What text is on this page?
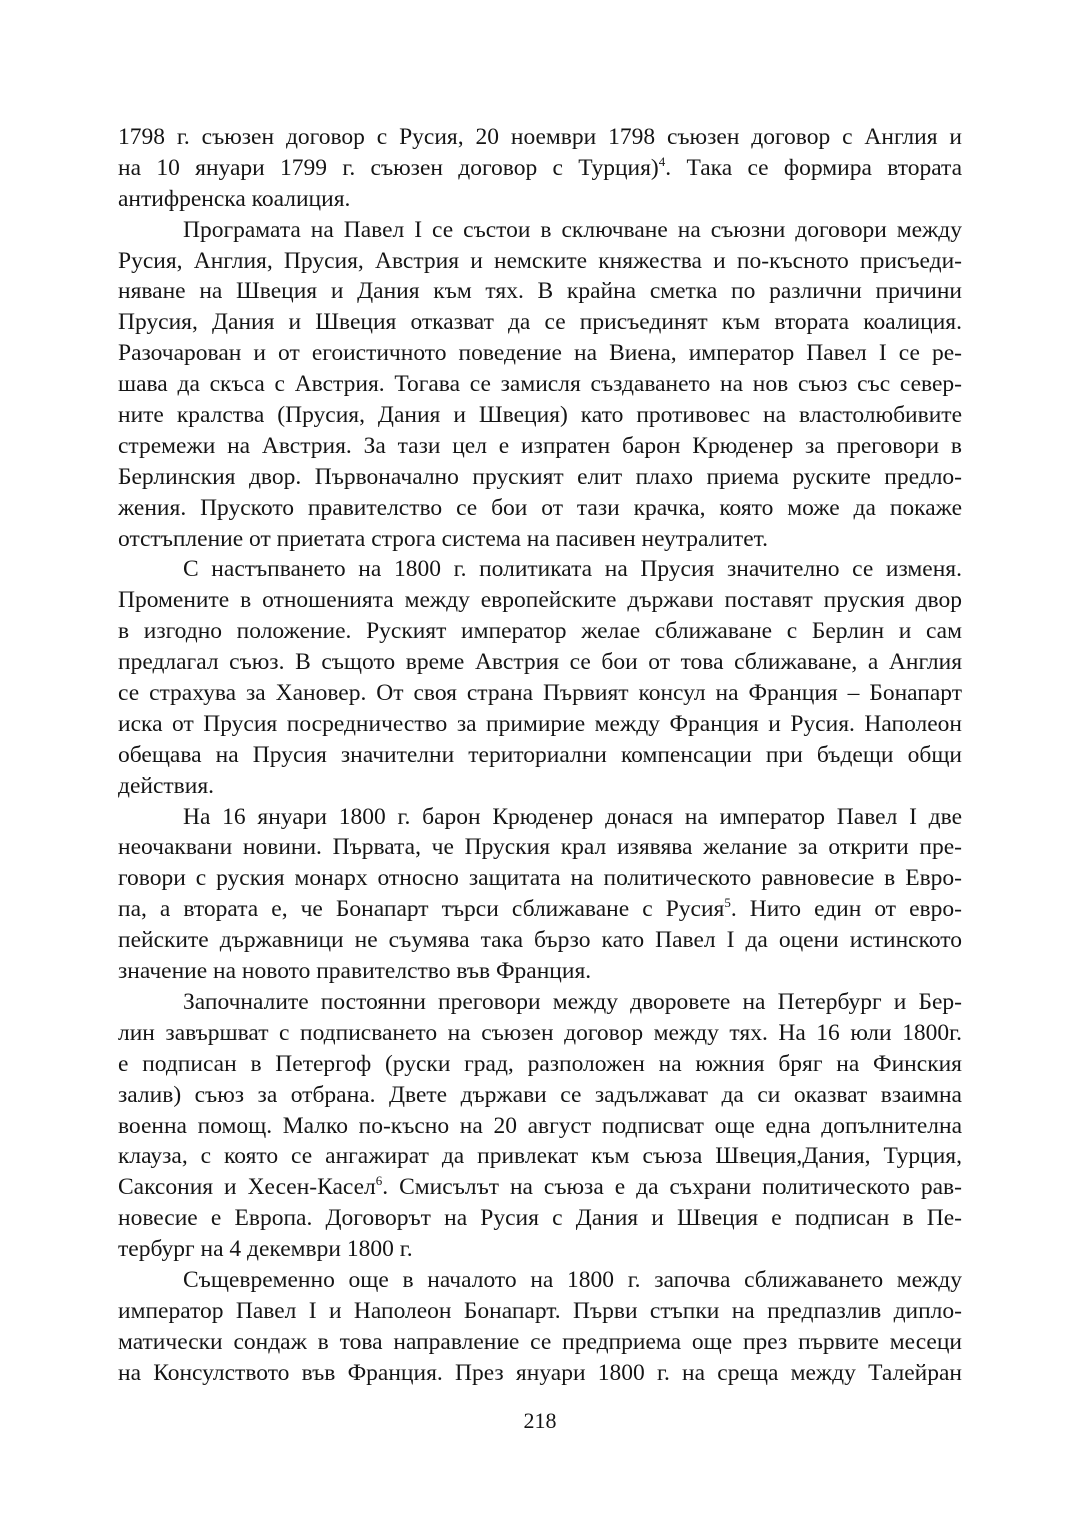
1798 г. съюзен договор с Русия, 20 ноември 1798 съюзен договор с Англия и
на 10 януари 1799 г. съюзен договор с Турция)$^4$. Така се формира втората
антифренска коалиция.
Програмата на Павел I се състои в сключване на съюзни договори между
Русия, Англия, Прусия, Австрия и немските княжества и по-късното присъеди-
няване на Швеция и Дания към тях. В крайна сметка по различни причини
Прусия, Дания и Швеция отказват да се присъединят към втората коалиция.
Разочарован и от егоистичното поведение на Виена, император Павел I се ре-
шава да скъса с Австрия. Тогава се замисля създаването на нов съюз със север-
ните кралства (Прусия, Дания и Швеция) като противовес на властолюбивите
стремежи на Австрия. За тази цел е изпратен барон Крюденер за преговори в
Берлинския двор. Първоначално пруският елит плахо приема руските предло-
жения. Пруското правителство се бои от тази крачка, която може да покаже
отстъпление от приетата строга система на пасивен неутралитет.
С настъпването на 1800 г. политиката на Прусия значително се изменя.
Промените в отношенията между европейските държави поставят пруския двор
в изгодно положение. Руският император желае сближаване с Берлин и сам
предлагал съюз. В същото време Австрия се бои от това сближаване, а Англия
се страхува за Хановер. От своя страна Първият консул на Франция – Бонапарт
иска от Прусия посредничество за примирие между Франция и Русия. Наполеон
обещава на Прусия значителни териториални компенсации при бъдещи общи
действия.
На 16 януари 1800 г. барон Крюденер донася на император Павел I две
неочаквани новини. Първата, че Пруския крал изявява желание за открити пре-
говори с руския монарх относно защитата на политическото равновесие в Евро-
па, а втората е, че Бонапарт търси сближаване с Русия$^5$. Нито един от евро-
пейските държавници не съумява така бързо като Павел I да оцени истинското
значение на новото правителство във Франция.
Започналите постоянни преговори между дворовете на Петербург и Бер-
лин завършват с подписването на съюзен договор между тях. На 16 юли 1800г.
е подписан в Петергоф (руски град, разположен на южния бряг на Финския
залив) съюз за отбрана. Двете държави се задължават да си оказват взаимна
военна помощ. Малко по-късно на 20 август подписват още една допълнителна
клауза, с която се ангажират да привлекат към съюза Швеция,Дания, Турция,
Саксония и Хесен-Касел$^6$. Смисълът на съюза е да съхрани политическото рав-
новесие е Европа. Договорът на Русия с Дания и Швеция е подписан в Пе-
тербург на 4 декември 1800 г.
Същевременно още в началото на 1800 г. започва сближаването между
император Павел I и Наполеон Бонапарт. Първи стъпки на предпазлив дипло-
матически сондаж в това направление се предприема още през първите месеци
на Консулството във Франция. През януари 1800 г. на среща между Талейран
218
